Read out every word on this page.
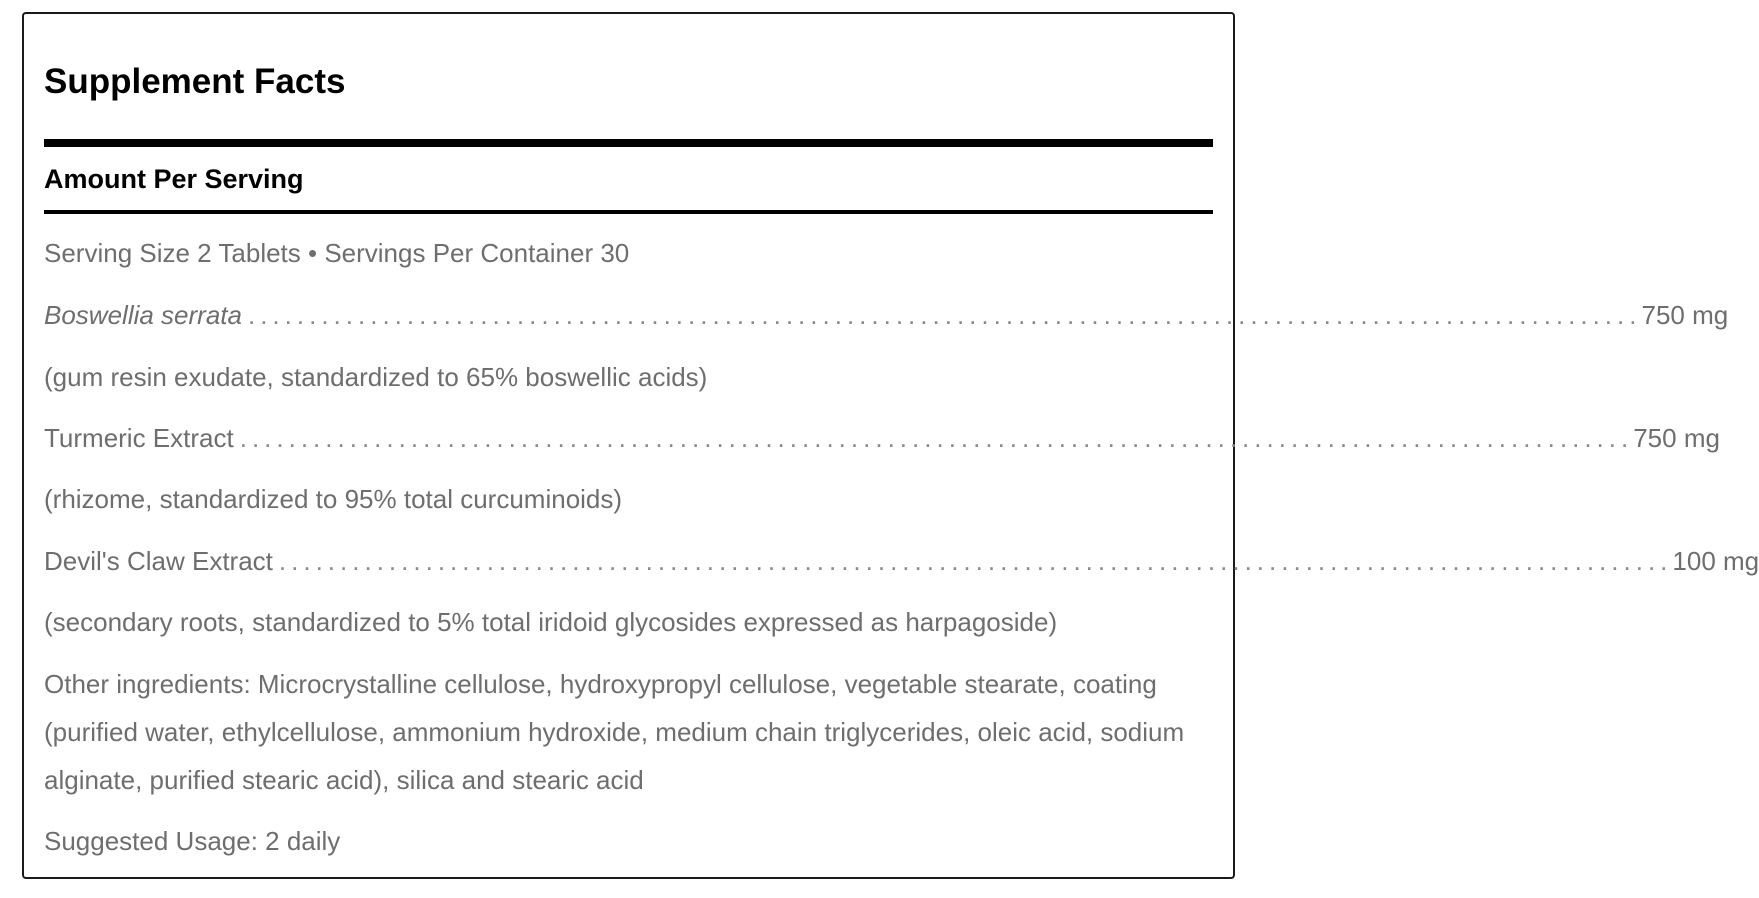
Supplement Facts
Amount Per Serving
Serving Size 2 Tablets • Servings Per Container 30
Boswellia serrata .................................................................................................................. 750 mg
(gum resin exudate, standardized to 65% boswellic acids)
Turmeric Extract .................................................................................................................. 750 mg
(rhizome, standardized to 95% total curcuminoids)
Devil's Claw Extract .................................................................................................................. 100 mg
(secondary roots, standardized to 5% total iridoid glycosides expressed as harpagoside)
Other ingredients: Microcrystalline cellulose, hydroxypropyl cellulose, vegetable stearate, coating (purified water, ethylcellulose, ammonium hydroxide, medium chain triglycerides, oleic acid, sodium alginate, purified stearic acid), silica and stearic acid
Suggested Usage: 2 daily
